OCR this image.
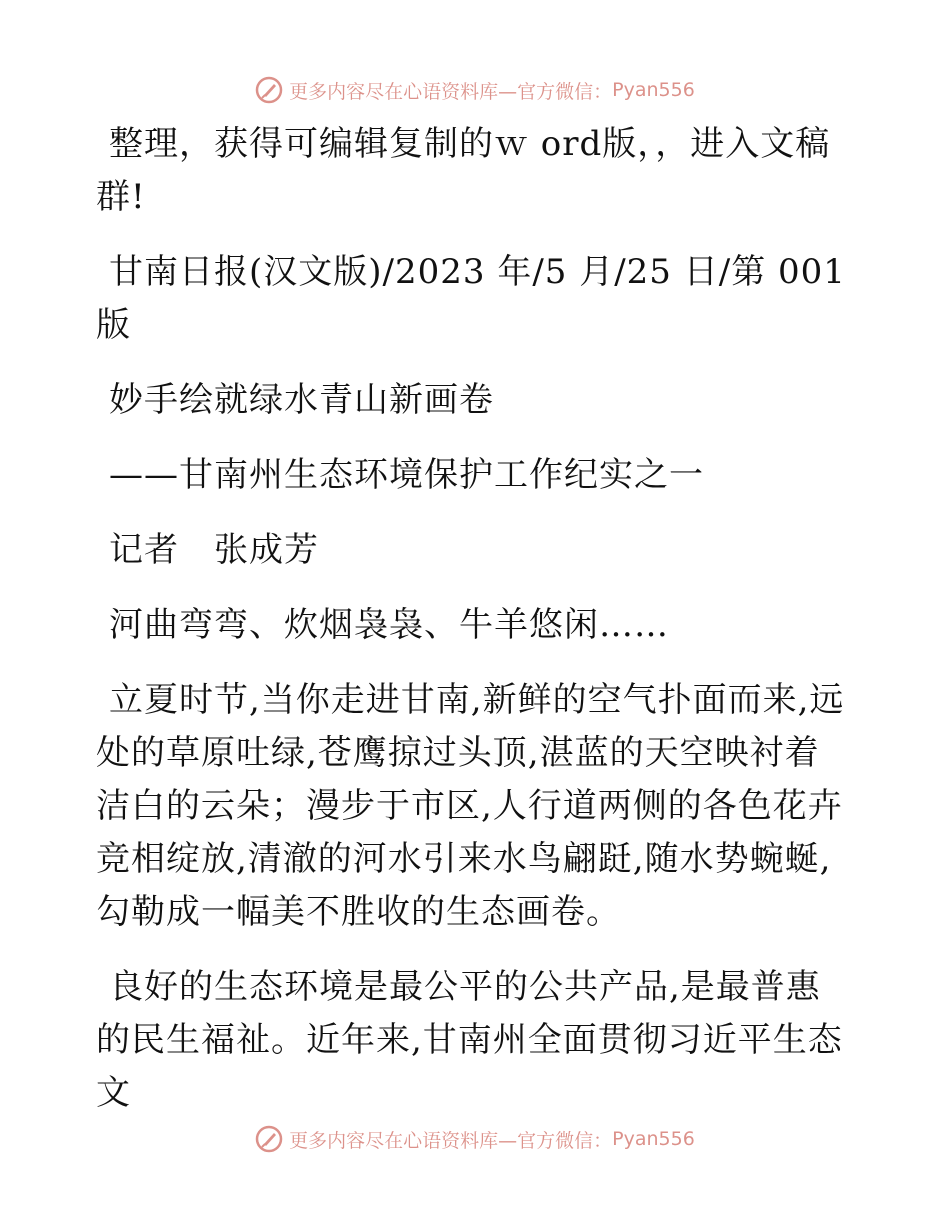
更多内容尽在心语资料库—官方微信： Pyan556

整理，获得可编辑复制的ｗ ord版，，进入文稿群!

甘南日报(汉文版)/2023 年/5 月/25 日/第 001 版

妙手绘就绿水青山新画卷

——甘南州生态环境保护工作纪实之一

记者　张成芳

河曲弯弯、炊烟袅袅、牛羊悠闲……

立夏时节,当你走进甘南,新鲜的空气扑面而来,远处的草原吐绿,苍鹰掠过头顶,湛蓝的天空映衬着洁白的云朵；漫步于市区,人行道两侧的各色花卉竞相绽放,清澈的河水引来水鸟翩跹,随水势蜿蜒,勾勒成一幅美不胜收的生态画卷。

良好的生态环境是最公平的公共产品,是最普惠的民生福祉。近年来,甘南州全面贯彻习近平生态文

更多内容尽在心语资料库—官方微信： Pyan556
